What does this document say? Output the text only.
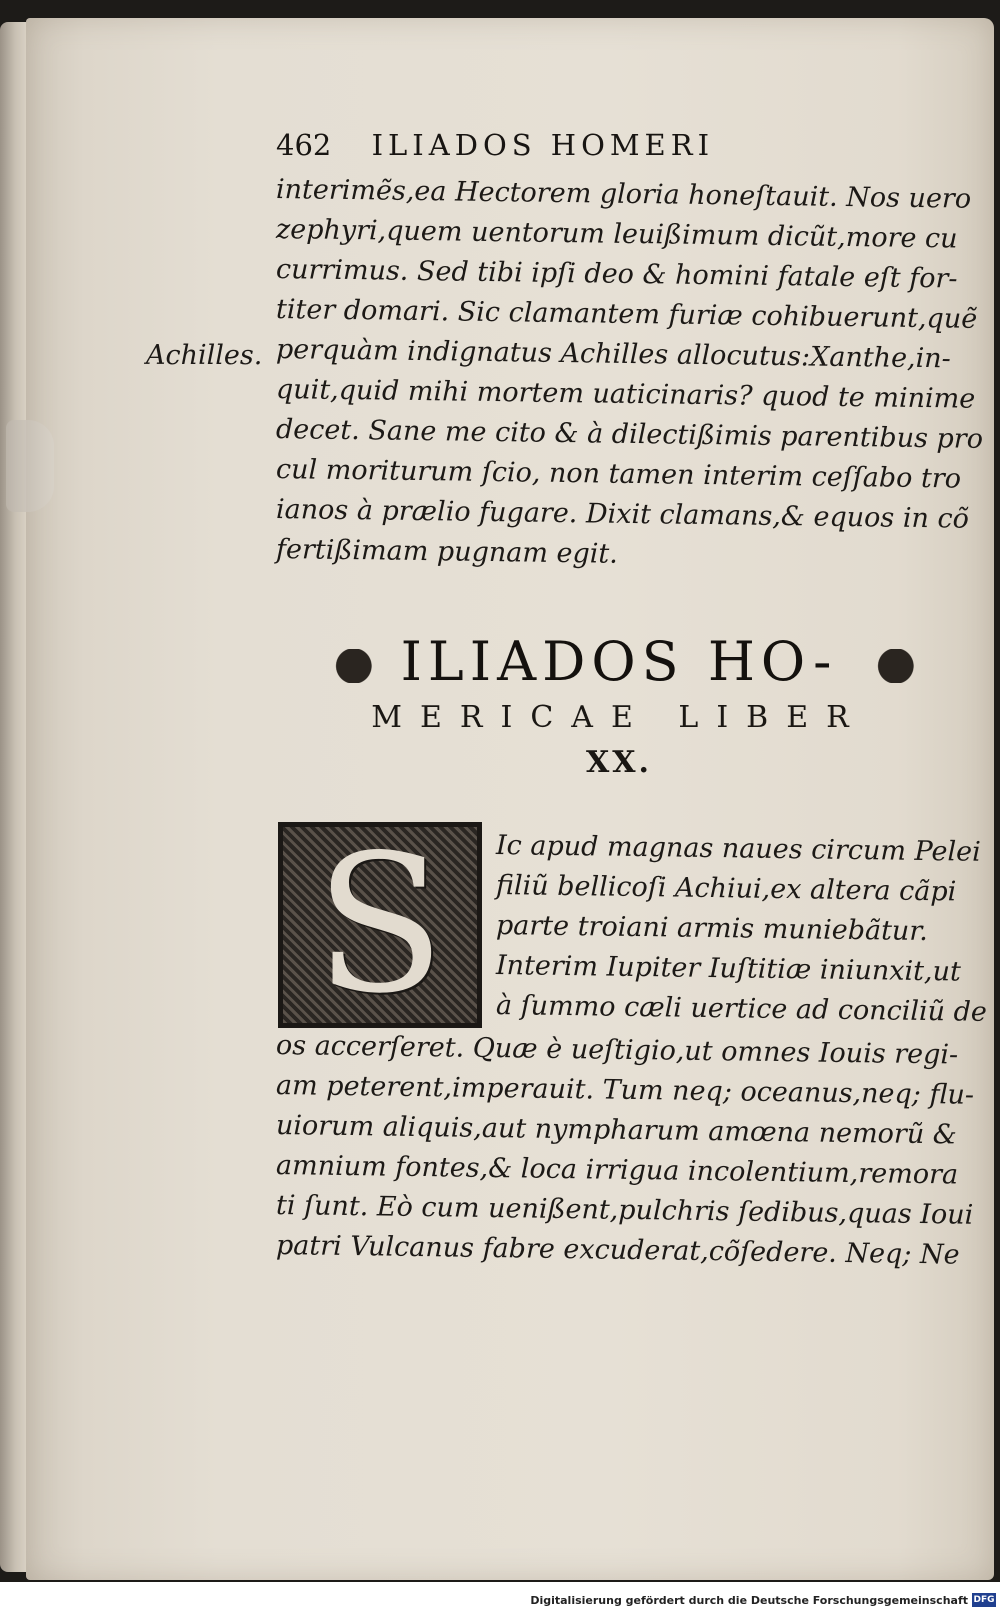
462 ILIADOS HOMERI
Achilles.
interimẽs,ea Hectorem gloria honeſtauit. Nos uero
zephyri,quem uentorum leuißimum dicũt,more cu
currimus. Sed tibi ipſi deo & homini fatale eſt for-
titer domari. Sic clamantem furiæ cohibuerunt,quẽ
perquàm indignatus Achilles allocutus:Xanthe,in-
quit,quid mihi mortem uaticinaris? quod te minime
decet. Sane me cito & à dilectißimis parentibus pro
cul moriturum ſcio, non tamen interim ceſſabo tro
ianos à prælio fugare. Dixit clamans,& equos in cõ
fertißimam pugnam egit.
ILIADOS HO-
MERICAE LIBER
XX.
S Ic apud magnas naues circum Pelei
filiũ bellicoſi Achiui,ex altera cãpi
parte troiani armis muniebãtur.
Interim Iupiter Iuſtitiæ iniunxit,ut
à ſummo cæli uertice ad conciliũ de
os accerſeret. Quæ è ueſtigio,ut omnes Iouis regi-
am peterent,imperauit. Tum neq; oceanus,neq; flu-
uiorum aliquis,aut nympharum amœna nemorũ &
amnium fontes,& loca irrigua incolentium,remora
ti ſunt. Eò cum uenißent,pulchris ſedibus,quas Ioui
patri Vulcanus fabre excuderat,cõſedere. Neq; Ne
Digitalisierung gefördert durch die Deutsche Forschungsgemeinschaft DFG
